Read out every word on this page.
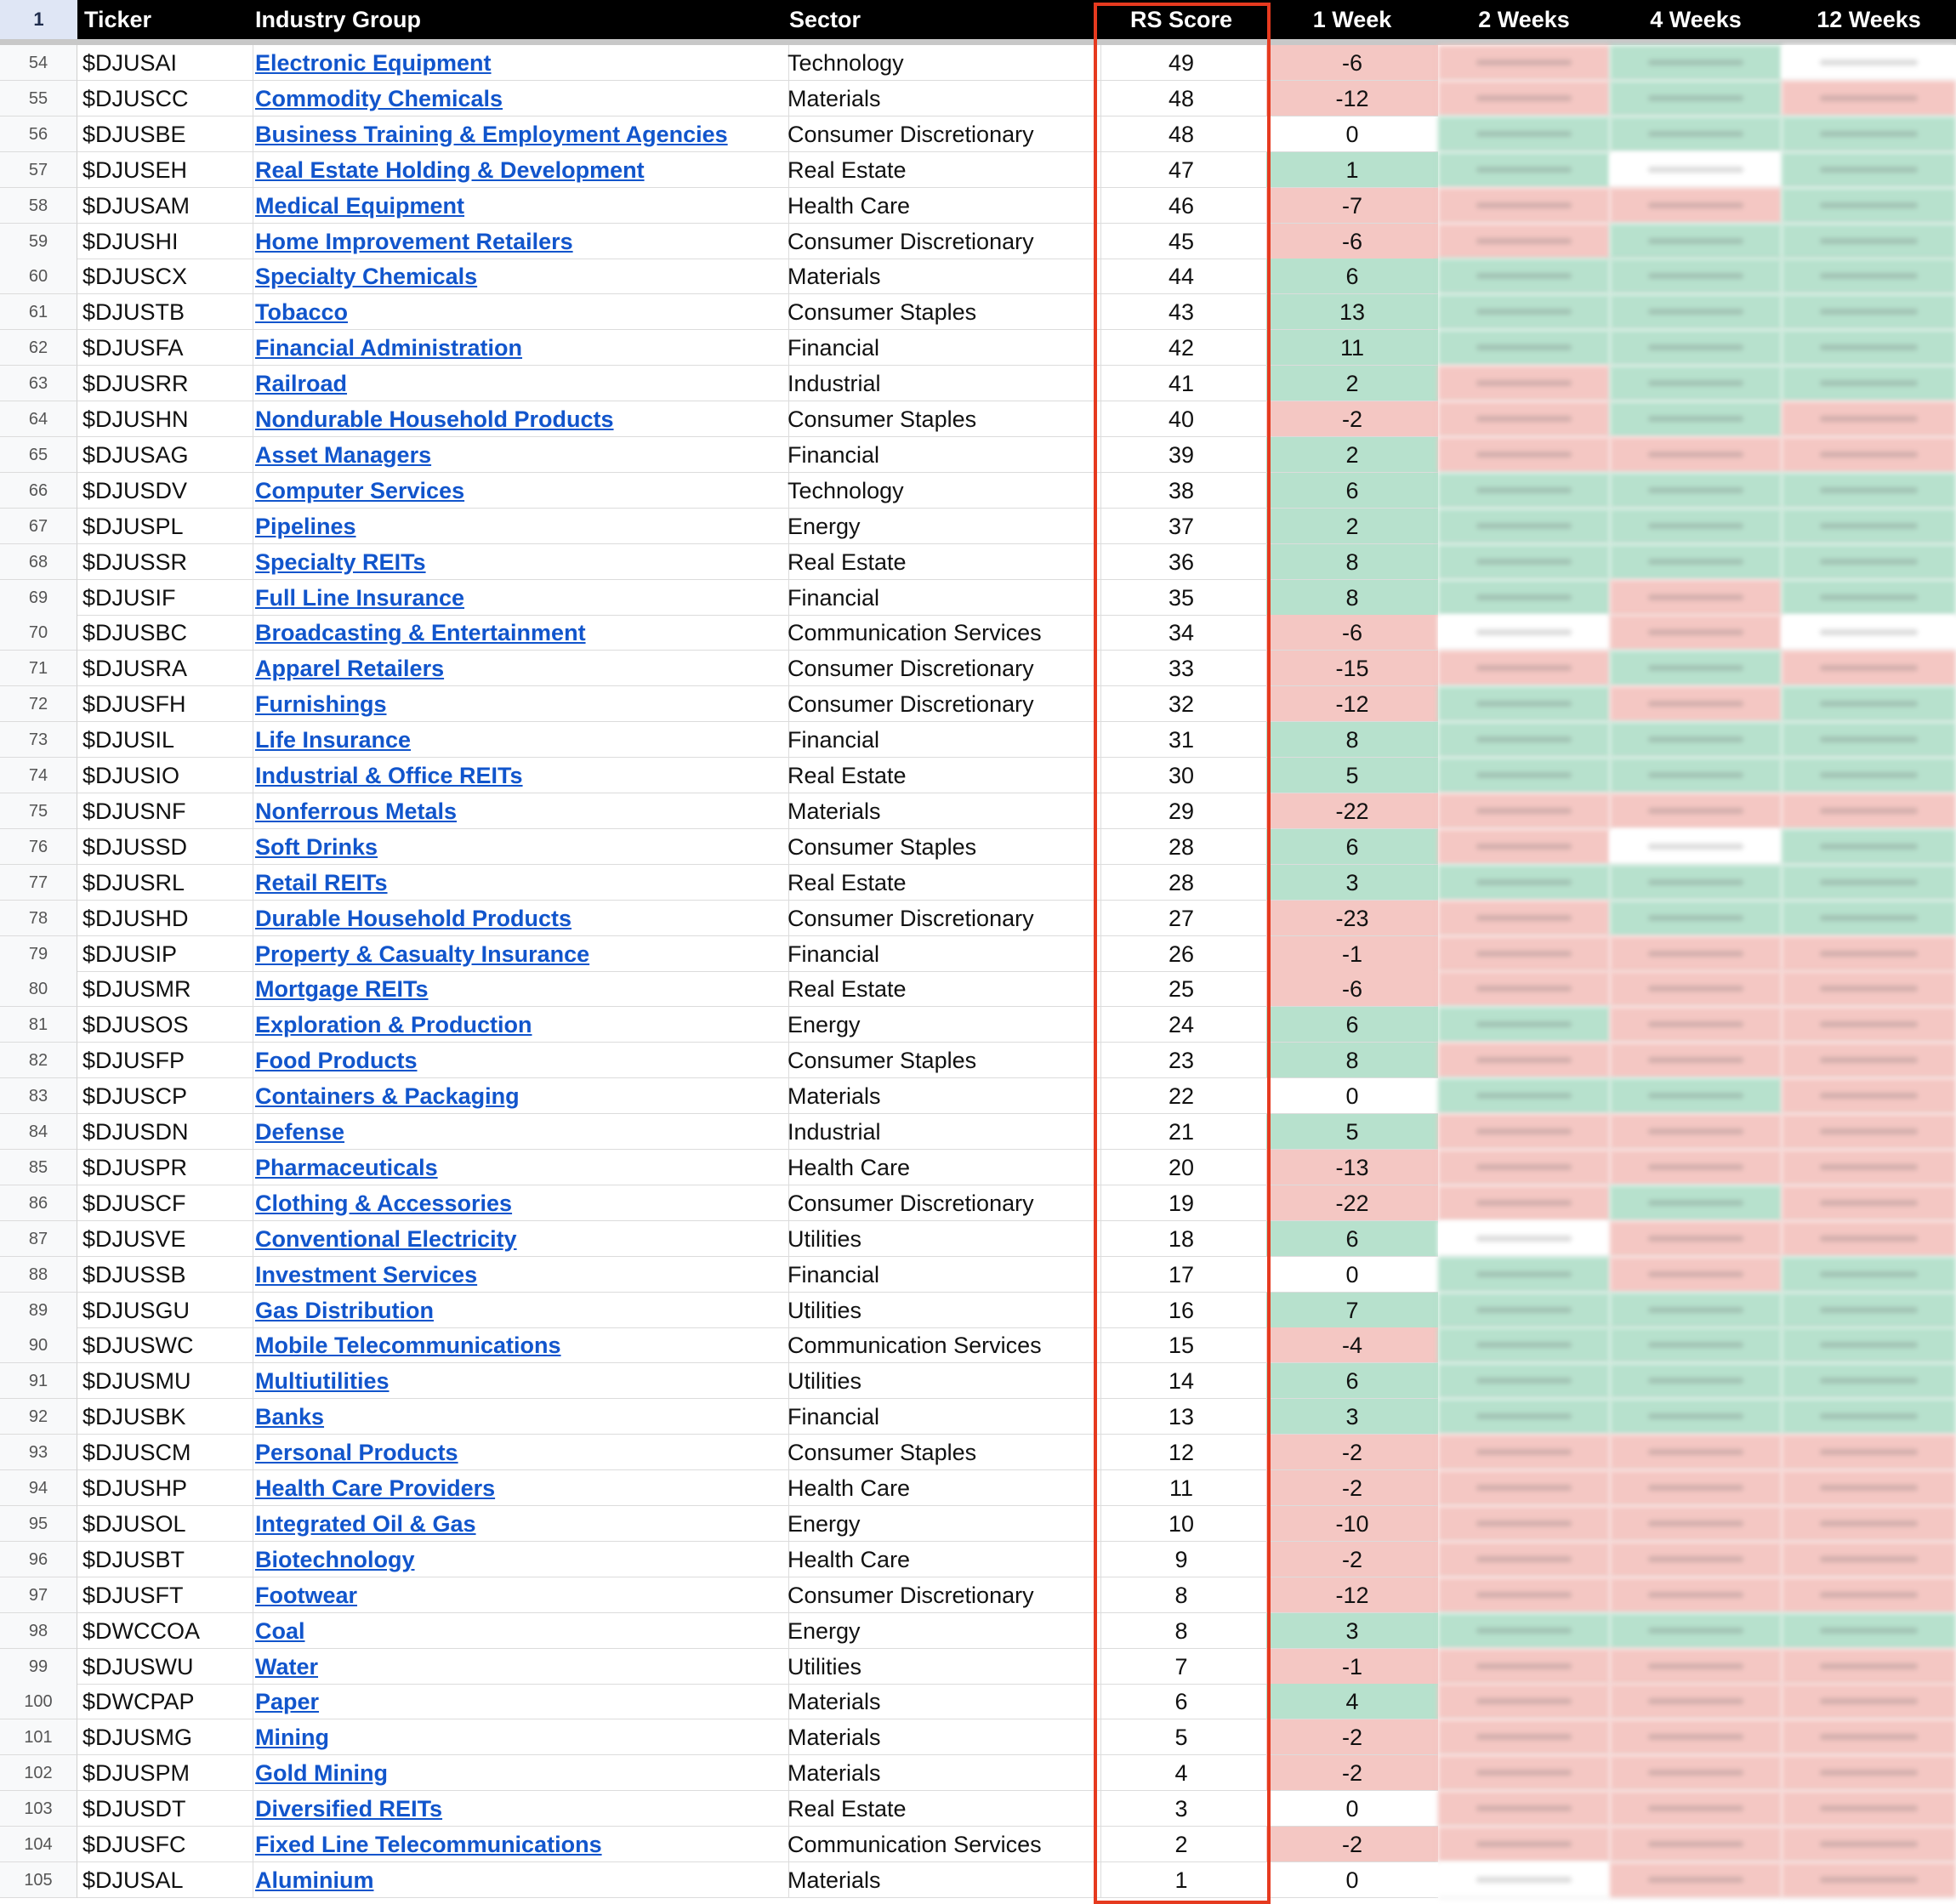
1	Ticker	Industry Group	Sector	RS Score	1 Week	2 Weeks	4 Weeks	12 Weeks
54	$DJUSAI	Electronic Equipment	Technology	49	-6
55	$DJUSCC	Commodity Chemicals	Materials	48	-12
56	$DJUSBE	Business Training & Employment Agencies	Consumer Discretionary	48	0
57	$DJUSEH	Real Estate Holding & Development	Real Estate	47	1
58	$DJUSAM	Medical Equipment	Health Care	46	-7
59	$DJUSHI	Home Improvement Retailers	Consumer Discretionary	45	-6
60	$DJUSCX	Specialty Chemicals	Materials	44	6
61	$DJUSTB	Tobacco	Consumer Staples	43	13
62	$DJUSFA	Financial Administration	Financial	42	11
63	$DJUSRR	Railroad	Industrial	41	2
64	$DJUSHN	Nondurable Household Products	Consumer Staples	40	-2
65	$DJUSAG	Asset Managers	Financial	39	2
66	$DJUSDV	Computer Services	Technology	38	6
67	$DJUSPL	Pipelines	Energy	37	2
68	$DJUSSR	Specialty REITs	Real Estate	36	8
69	$DJUSIF	Full Line Insurance	Financial	35	8
70	$DJUSBC	Broadcasting & Entertainment	Communication Services	34	-6
71	$DJUSRA	Apparel Retailers	Consumer Discretionary	33	-15
72	$DJUSFH	Furnishings	Consumer Discretionary	32	-12
73	$DJUSIL	Life Insurance	Financial	31	8
74	$DJUSIO	Industrial & Office REITs	Real Estate	30	5
75	$DJUSNF	Nonferrous Metals	Materials	29	-22
76	$DJUSSD	Soft Drinks	Consumer Staples	28	6
77	$DJUSRL	Retail REITs	Real Estate	28	3
78	$DJUSHD	Durable Household Products	Consumer Discretionary	27	-23
79	$DJUSIP	Property & Casualty Insurance	Financial	26	-1
80	$DJUSMR	Mortgage REITs	Real Estate	25	-6
81	$DJUSOS	Exploration & Production	Energy	24	6
82	$DJUSFP	Food Products	Consumer Staples	23	8
83	$DJUSCP	Containers & Packaging	Materials	22	0
84	$DJUSDN	Defense	Industrial	21	5
85	$DJUSPR	Pharmaceuticals	Health Care	20	-13
86	$DJUSCF	Clothing & Accessories	Consumer Discretionary	19	-22
87	$DJUSVE	Conventional Electricity	Utilities	18	6
88	$DJUSSB	Investment Services	Financial	17	0
89	$DJUSGU	Gas Distribution	Utilities	16	7
90	$DJUSWC	Mobile Telecommunications	Communication Services	15	-4
91	$DJUSMU	Multiutilities	Utilities	14	6
92	$DJUSBK	Banks	Financial	13	3
93	$DJUSCM	Personal Products	Consumer Staples	12	-2
94	$DJUSHP	Health Care Providers	Health Care	11	-2
95	$DJUSOL	Integrated Oil & Gas	Energy	10	-10
96	$DJUSBT	Biotechnology	Health Care	9	-2
97	$DJUSFT	Footwear	Consumer Discretionary	8	-12
98	$DWCCOA	Coal	Energy	8	3
99	$DJUSWU	Water	Utilities	7	-1
100	$DWCPAP	Paper	Materials	6	4
101	$DJUSMG	Mining	Materials	5	-2
102	$DJUSPM	Gold Mining	Materials	4	-2
103	$DJUSDT	Diversified REITs	Real Estate	3	0
104	$DJUSFC	Fixed Line Telecommunications	Communication Services	2	-2
105	$DJUSAL	Aluminium	Materials	1	0
